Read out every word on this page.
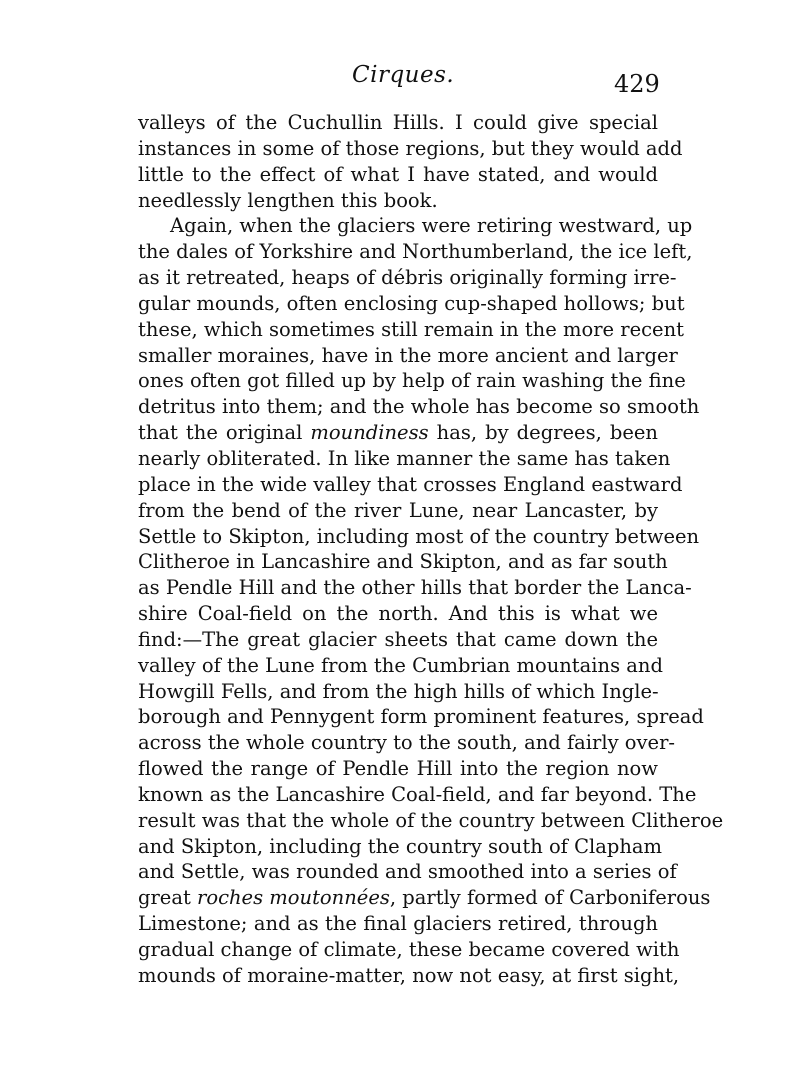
Cirques.	429
valleys of the Cuchullin Hills. I could give special
instances in some of those regions, but they would add
little to the effect of what I have stated, and would
needlessly lengthen this book.
Again, when the glaciers were retiring westward, up
the dales of Yorkshire and Northumberland, the ice left,
as it retreated, heaps of débris originally forming irre-
gular mounds, often enclosing cup-shaped hollows; but
these, which sometimes still remain in the more recent
smaller moraines, have in the more ancient and larger
ones often got filled up by help of rain washing the fine
detritus into them; and the whole has become so smooth
that the original moundiness has, by degrees, been
nearly obliterated. In like manner the same has taken
place in the wide valley that crosses England eastward
from the bend of the river Lune, near Lancaster, by
Settle to Skipton, including most of the country between
Clitheroe in Lancashire and Skipton, and as far south
as Pendle Hill and the other hills that border the Lanca-
shire Coal-field on the north. And this is what we
find:—The great glacier sheets that came down the
valley of the Lune from the Cumbrian mountains and
Howgill Fells, and from the high hills of which Ingle-
borough and Pennygent form prominent features, spread
across the whole country to the south, and fairly over-
flowed the range of Pendle Hill into the region now
known as the Lancashire Coal-field, and far beyond. The
result was that the whole of the country between Clitheroe
and Skipton, including the country south of Clapham
and Settle, was rounded and smoothed into a series of
great roches moutonnées, partly formed of Carboniferous
Limestone; and as the final glaciers retired, through
gradual change of climate, these became covered with
mounds of moraine-matter, now not easy, at first sight,
